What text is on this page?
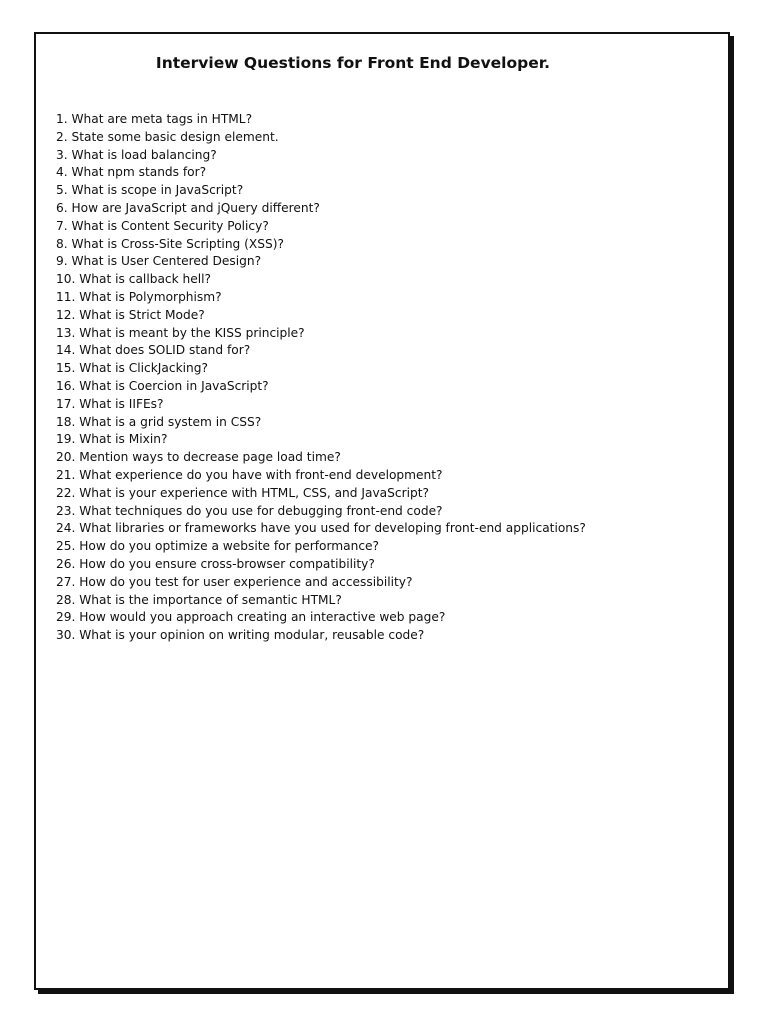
Interview Questions for Front End Developer.
1. What are meta tags in HTML?
2. State some basic design element.
3. What is load balancing?
4. What npm stands for?
5. What is scope in JavaScript?
6. How are JavaScript and jQuery different?
7. What is Content Security Policy?
8. What is Cross-Site Scripting (XSS)?
9. What is User Centered Design?
10. What is callback hell?
11. What is Polymorphism?
12. What is Strict Mode?
13. What is meant by the KISS principle?
14. What does SOLID stand for?
15. What is ClickJacking?
16. What is Coercion in JavaScript?
17. What is IIFEs?
18. What is a grid system in CSS?
19. What is Mixin?
20. Mention ways to decrease page load time?
21. What experience do you have with front-end development?
22. What is your experience with HTML, CSS, and JavaScript?
23. What techniques do you use for debugging front-end code?
24. What libraries or frameworks have you used for developing front-end applications?
25. How do you optimize a website for performance?
26. How do you ensure cross-browser compatibility?
27. How do you test for user experience and accessibility?
28. What is the importance of semantic HTML?
29. How would you approach creating an interactive web page?
30. What is your opinion on writing modular, reusable code?
